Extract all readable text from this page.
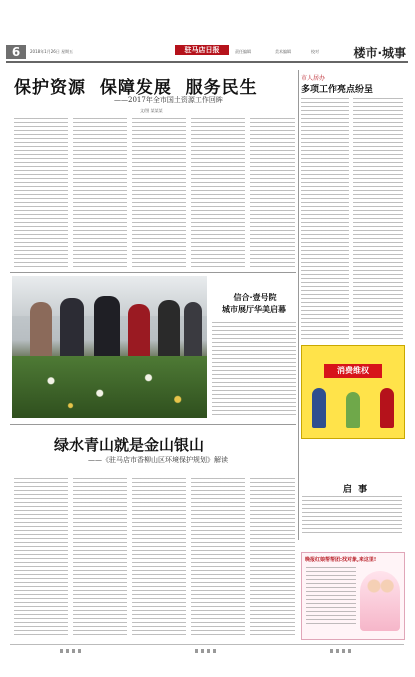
6	2018年1月26日 星期五	驻马店日报	责任编辑	美术编辑	校对	楼市·城事
保护资源  保障发展  服务民生
——2017年全市国土资源工作回眸
文/图 某某某
市人居办
多项工作亮点纷呈
信合·壹号院
城市展厅华美启幕
消费维权
绿水青山就是金山银山
——《驻马店市香柳山区环境保护规划》解读
启  事
晚报红娘帮帮团:找对象,来这里!
